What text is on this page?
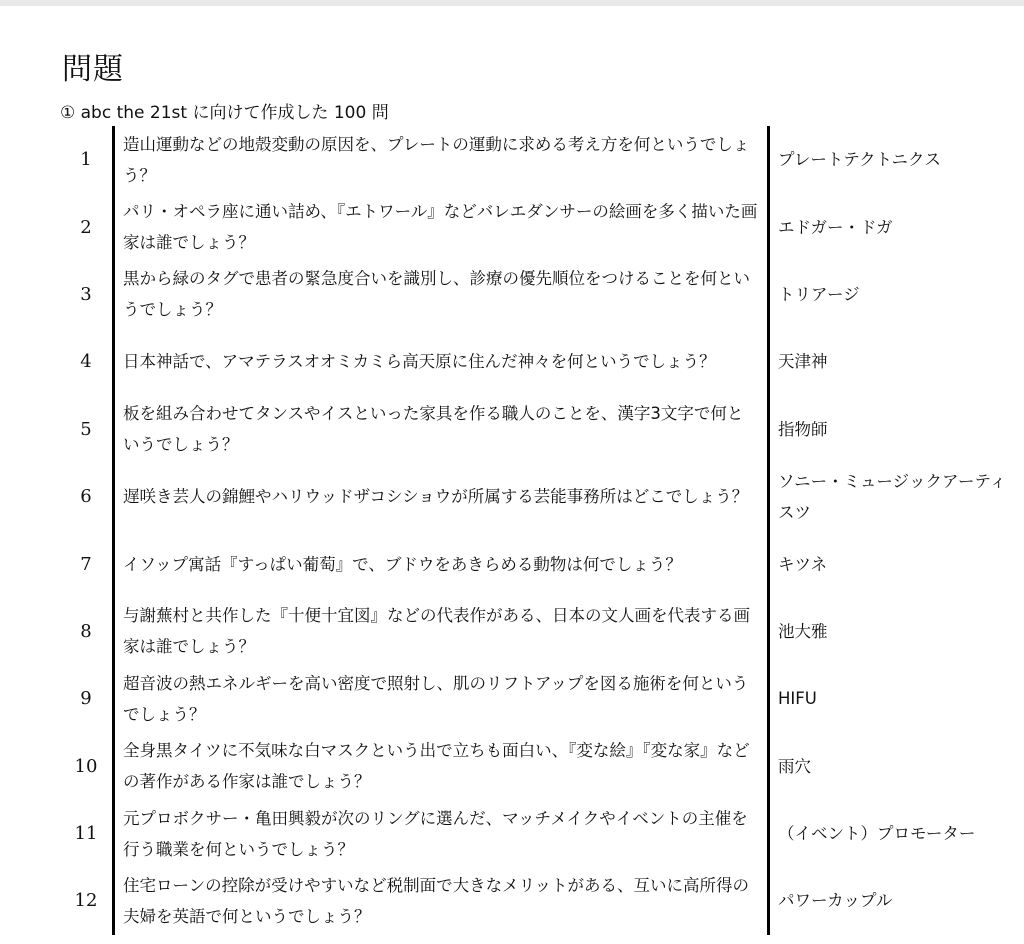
問題
① abc the 21st に向けて作成した 100 問
1	造山運動などの地殻変動の原因を、プレートの運動に求める考え方を何というでしょう？	プレートテクトニクス
2	パリ・オペラ座に通い詰め、『エトワール』などバレエダンサーの絵画を多く描いた画家は誰でしょう？	エドガー・ドガ
3	黒から緑のタグで患者の緊急度合いを識別し、診療の優先順位をつけることを何というでしょう？	トリアージ
4	日本神話で、アマテラスオオミカミら高天原に住んだ神々を何というでしょう？	天津神
5	板を組み合わせてタンスやイスといった家具を作る職人のことを、漢字3文字で何というでしょう？	指物師
6	遅咲き芸人の錦鯉やハリウッドザコシショウが所属する芸能事務所はどこでしょう？	ソニー・ミュージックアーティスツ
7	イソップ寓話『すっぱい葡萄』で、ブドウをあきらめる動物は何でしょう？	キツネ
8	与謝蕪村と共作した『十便十宜図』などの代表作がある、日本の文人画を代表する画家は誰でしょう？	池大雅
9	超音波の熱エネルギーを高い密度で照射し、肌のリフトアップを図る施術を何というでしょう？	HIFU
10	全身黒タイツに不気味な白マスクという出で立ちも面白い、『変な絵』『変な家』などの著作がある作家は誰でしょう？	雨穴
11	元プロボクサー・亀田興毅が次のリングに選んだ、マッチメイクやイベントの主催を行う職業を何というでしょう？	（イベント）プロモーター
12	住宅ローンの控除が受けやすいなど税制面で大きなメリットがある、互いに高所得の夫婦を英語で何というでしょう？	パワーカップル
